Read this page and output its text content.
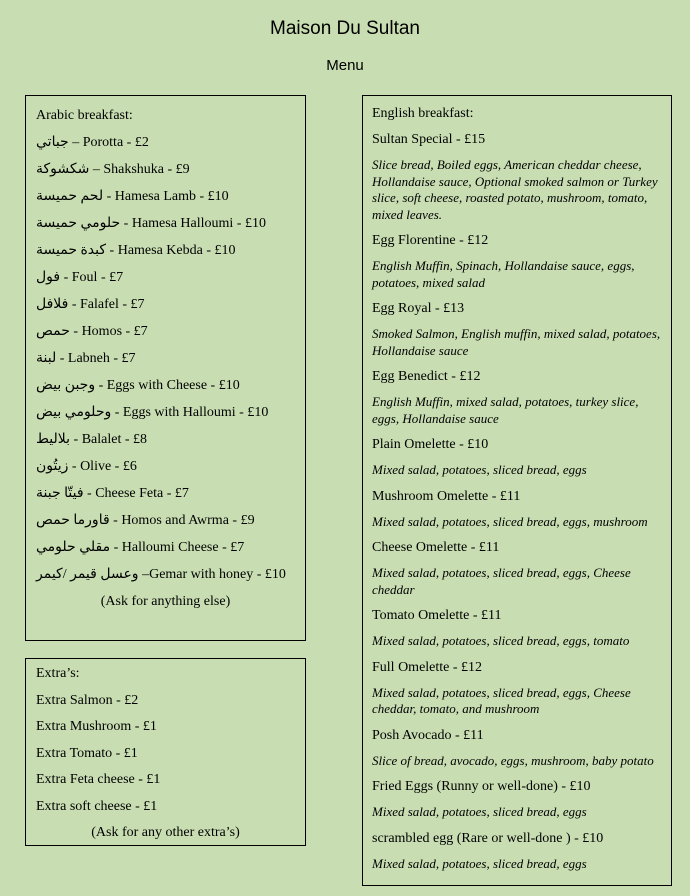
Maison Du Sultan
Menu

Arabic breakfast:

جباتي – Porotta - £2

شكشوكة – Shakshuka - £9

حميسة ‎لحم - Hamesa Lamb - £10

حميسة ‎حلومي - Hamesa Halloumi - £10

حميسة ‎كبدة - Hamesa Kebda - £10

فول - Foul - £7

فلافل - Falafel - £7

حمص - Homos - £7

لبنة - Labneh - £7

بيض ‎وجبن - Eggs with Cheese - £10

بيض ‎وحلومي - Eggs with Halloumi - £10

بلاليط - Balalet - £8

زيتُون - Olive - £6

جبنة ‎فيتّا - Cheese Feta - £7

حمص ‎قاورما - Homos and Awrma - £9

حلومي ‎مقلي - Halloumi Cheese - £7

كيمر/ ‎قيمر ‎وعسل –Gemar with honey - £10

(Ask for anything else)

Extra’s:

Extra Salmon - £2

Extra Mushroom - £1

Extra Tomato - £1

Extra Feta cheese - £1

Extra soft cheese - £1

(Ask for any other extra’s)

English breakfast:

Sultan Special - £15

Slice bread, Boiled eggs, American cheddar cheese, Hollandaise sauce, Optional smoked salmon or Turkey slice, soft cheese, roasted potato, mushroom, tomato, mixed leaves.

Egg Florentine - £12

English Muffin, Spinach, Hollandaise sauce, eggs, potatoes, mixed salad

Egg Royal - £13

Smoked Salmon, English muffin, mixed salad, potatoes, Hollandaise sauce

Egg Benedict - £12

English Muffin, mixed salad, potatoes, turkey slice, eggs, Hollandaise sauce

Plain Omelette - £10

Mixed salad, potatoes, sliced bread, eggs

Mushroom Omelette - £11

Mixed salad, potatoes, sliced bread, eggs, mushroom

Cheese Omelette - £11

Mixed salad, potatoes, sliced bread, eggs, Cheese cheddar

Tomato Omelette - £11

Mixed salad, potatoes, sliced bread, eggs, tomato

Full Omelette - £12

Mixed salad, potatoes, sliced bread, eggs, Cheese cheddar, tomato, and mushroom

Posh Avocado - £11

Slice of bread, avocado, eggs, mushroom, baby potato

Fried Eggs (Runny or well-done) - £10

Mixed salad, potatoes, sliced bread, eggs

scrambled egg (Rare or well-done ) - £10

Mixed salad, potatoes, sliced bread, eggs
